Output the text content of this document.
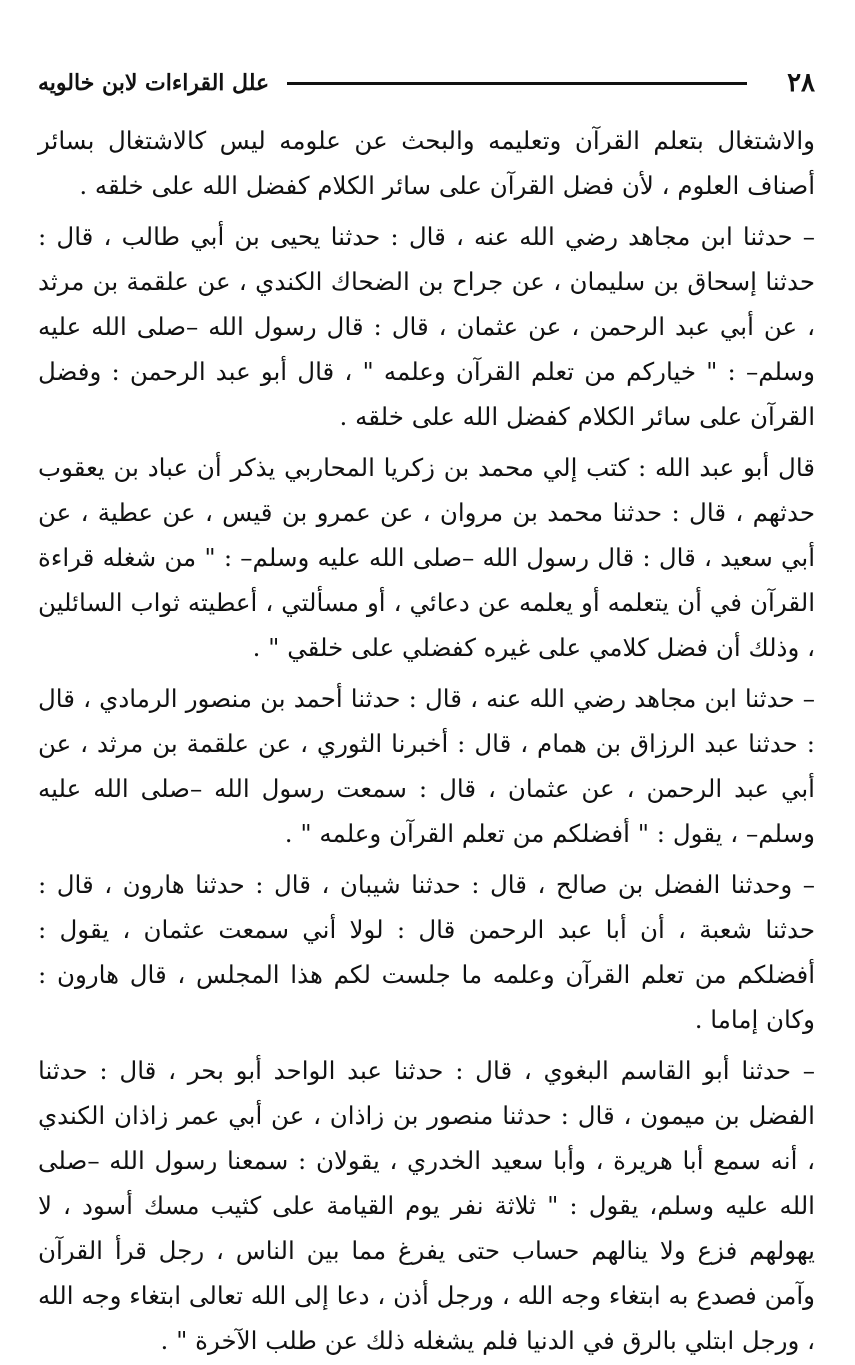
٢٨
علل القراءات لابن خالويه

والاشتغال بتعلم القرآن وتعليمه والبحث عن علومه ليس كالاشتغال بسائر أصناف العلوم ، لأن فضل القرآن على سائر الكلام كفضل الله على خلقه .

– حدثنا ابن مجاهد رضي الله عنه ، قال : حدثنا يحيى بن أبي طالب ، قال : حدثنا إسحاق بن سليمان ، عن جراح بن الضحاك الكندي ، عن علقمة بن مرثد ، عن أبي عبد الرحمن ، عن عثمان ، قال : قال رسول الله –صلى الله عليه وسلم– : " خياركم من تعلم القرآن وعلمه " ، قال أبو عبد الرحمن : وفضل القرآن على سائر الكلام كفضل الله على خلقه .

قال أبو عبد الله : كتب إلي محمد بن زكريا المحاربي يذكر أن عباد بن يعقوب حدثهم ، قال : حدثنا محمد بن مروان ، عن عمرو بن قيس ، عن عطية ، عن أبي سعيد ، قال : قال رسول الله –صلى الله عليه وسلم– : " من شغله قراءة القرآن في أن يتعلمه أو يعلمه عن دعائي ، أو مسألتي ، أعطيته ثواب السائلين ، وذلك أن فضل كلامي على غيره كفضلي على خلقي " .

– حدثنا ابن مجاهد رضي الله عنه ، قال : حدثنا أحمد بن منصور الرمادي ، قال : حدثنا عبد الرزاق بن همام ، قال : أخبرنا الثوري ، عن علقمة بن مرثد ، عن أبي عبد الرحمن ، عن عثمان ، قال : سمعت رسول الله –صلى الله عليه وسلم– ، يقول : " أفضلكم من تعلم القرآن وعلمه " .

– وحدثنا الفضل بن صالح ، قال : حدثنا شيبان ، قال : حدثنا هارون ، قال : حدثنا شعبة ، أن أبا عبد الرحمن قال : لولا أني سمعت عثمان ، يقول : أفضلكم من تعلم القرآن وعلمه ما جلست لكم هذا المجلس ، قال هارون : وكان إماما .

– حدثنا أبو القاسم البغوي ، قال : حدثنا عبد الواحد أبو بحر ، قال : حدثنا الفضل بن ميمون ، قال : حدثنا منصور بن زاذان ، عن أبي عمر زاذان الكندي ، أنه سمع أبا هريرة ، وأبا سعيد الخدري ، يقولان : سمعنا رسول الله –صلى الله عليه وسلم، يقول : " ثلاثة نفر يوم القيامة على كثيب مسك أسود ، لا يهولهم فزع ولا ينالهم حساب حتى يفرغ مما بين الناس ، رجل قرأ القرآن وآمن فصدع به ابتغاء وجه الله ، ورجل أذن ، دعا إلى الله تعالى ابتغاء وجه الله ، ورجل ابتلي بالرق في الدنيا فلم يشغله ذلك عن طلب الآخرة " .
